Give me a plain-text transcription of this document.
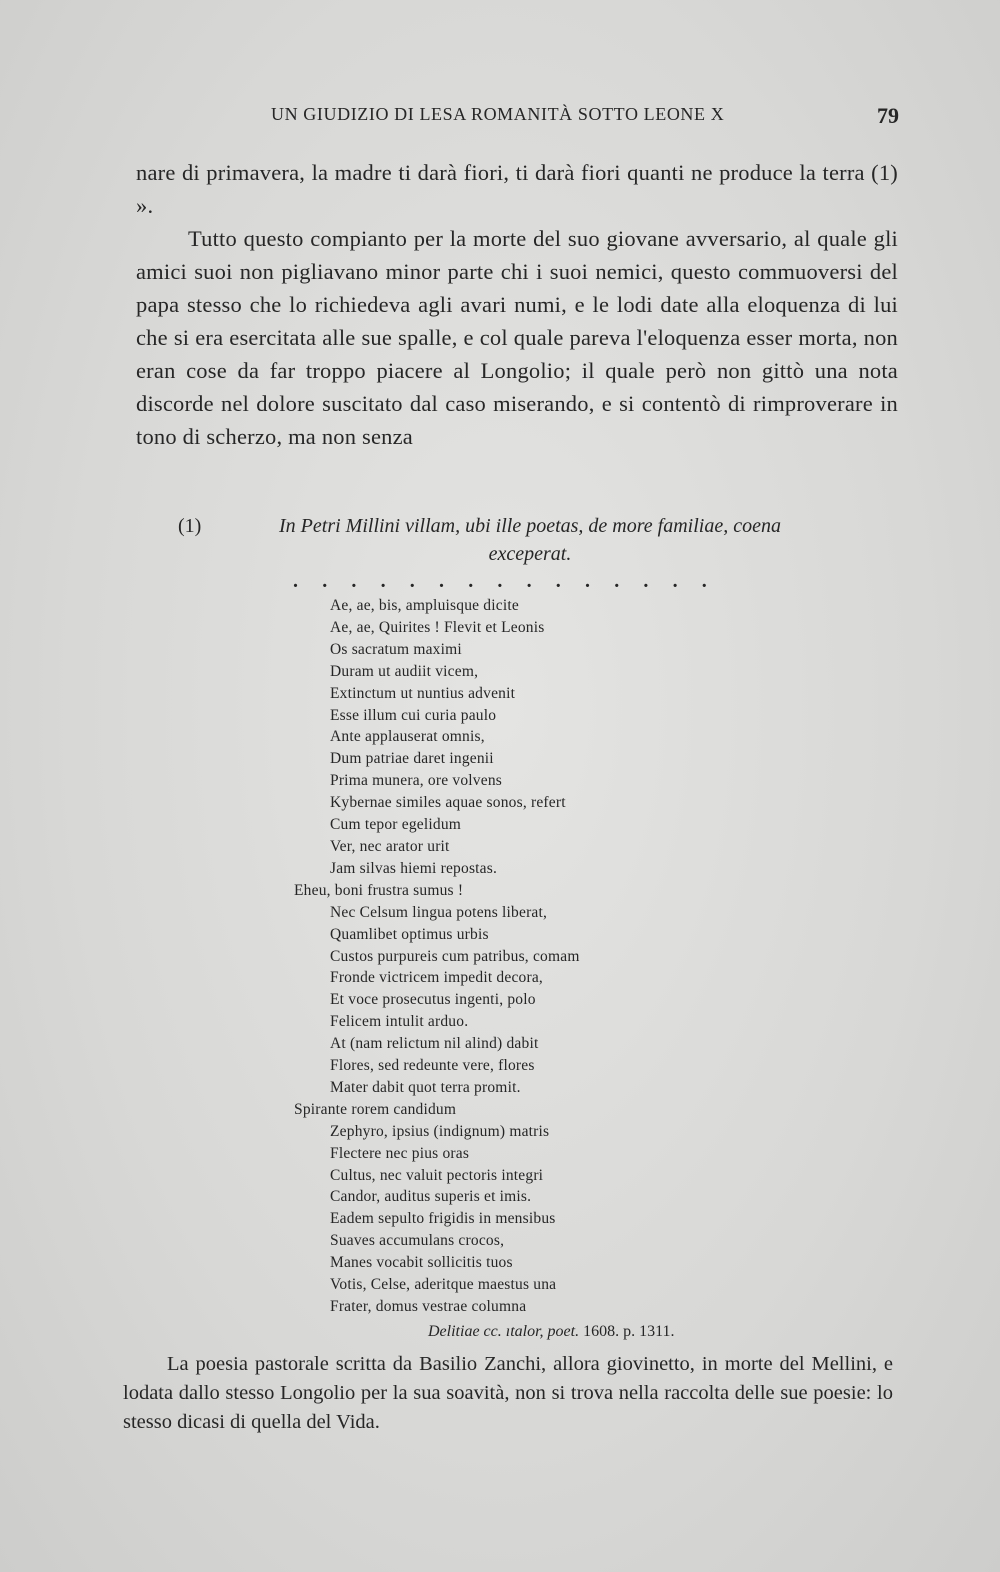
UN GIUDIZIO DI LESA ROMANITÀ SOTTO LEONE X	79

nare di primavera, la madre ti darà fiori, ti darà fiori quanti ne produce la terra (1) ».

Tutto questo compianto per la morte del suo giovane avversario, al quale gli amici suoi non pigliavano minor parte chi i suoi nemici, questo commuoversi del papa stesso che lo richiedeva agli avari numi, e le lodi date alla eloquenza di lui che si era esercitata alle sue spalle, e col quale pareva l'eloquenza esser morta, non eran cose da far troppo piacere al Longolio; il quale però non gittò una nota discorde nel dolore suscitato dal caso miserando, e si contentò di rimproverare in tono di scherzo, ma non senza

(1)	In Petri Millini villam, ubi ille poetas, de more familiae, coena exceperat.
. . . . . . . . . . . . . . .
Ae, ae, bis, ampluisque dicite
Ae, ae, Quirites ! Flevit et Leonis
Os sacratum maximi
Duram ut audiit vicem,
Extinctum ut nuntius advenit
Esse illum cui curia paulo
Ante applauserat omnis,
Dum patriae daret ingenii
Prima munera, ore volvens
Kybernae similes aquae sonos, refert
Cum tepor egelidum
Ver, nec arator urit
Jam silvas hiemi repostas.
Eheu, boni frustra sumus !
Nec Celsum lingua potens liberat,
Quamlibet optimus urbis
Custos purpureis cum patribus, comam
Fronde victricem impedit decora,
Et voce prosecutus ingenti, polo
Felicem intulit arduo.
At (nam relictum nil alind) dabit
Flores, sed redeunte vere, flores
Mater dabit quot terra promit.
Spirante rorem candidum
Zephyro, ipsius (indignum) matris
Flectere nec pius oras
Cultus, nec valuit pectoris integri
Candor, auditus superis et imis.
Eadem sepulto frigidis in mensibus
Suaves accumulans crocos,
Manes vocabit sollicitis tuos
Votis, Celse, aderitque maestus una
Frater, domus vestrae columna
Delitiae cc. ıtalor, poet. 1608. p. 1311.

La poesia pastorale scritta da Basilio Zanchi, allora giovinetto, in morte del Mellini, e lodata dallo stesso Longolio per la sua soavità, non si trova nella raccolta delle sue poesie: lo stesso dicasi di quella del Vida.
